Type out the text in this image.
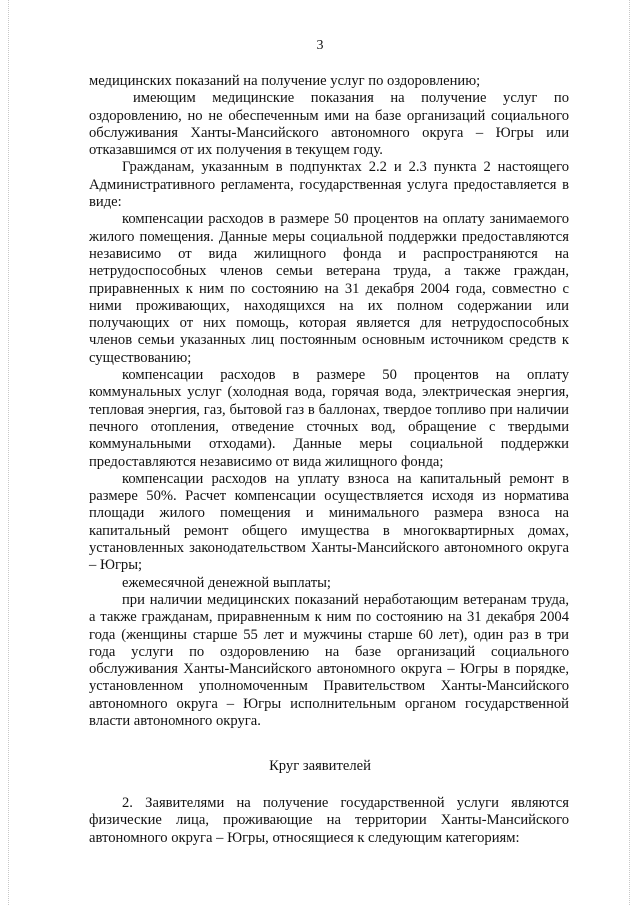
3

медицинских показаний на получение услуг по оздоровлению;

имеющим медицинские показания на получение услуг по оздоровлению, но не обеспеченным ими на базе организаций социального обслуживания Ханты-Мансийского автономного округа – Югры или отказавшимся от их получения в текущем году.

Гражданам, указанным в подпунктах 2.2 и 2.3 пункта 2 настоящего Административного регламента, государственная услуга предоставляется в виде:

компенсации расходов в размере 50 процентов на оплату занимаемого жилого помещения. Данные меры социальной поддержки предоставляются независимо от вида жилищного фонда и распространяются на нетрудоспособных членов семьи ветерана труда, а также граждан, приравненных к ним по состоянию на 31 декабря 2004 года, совместно с ними проживающих, находящихся на их полном содержании или получающих от них помощь, которая является для нетрудоспособных членов семьи указанных лиц постоянным основным источником средств к существованию;

компенсации расходов в размере 50 процентов на оплату коммунальных услуг (холодная вода, горячая вода, электрическая энергия, тепловая энергия, газ, бытовой газ в баллонах, твердое топливо при наличии печного отопления, отведение сточных вод, обращение с твердыми коммунальными отходами). Данные меры социальной поддержки предоставляются независимо от вида жилищного фонда;

компенсации расходов на уплату взноса на капитальный ремонт в размере 50%. Расчет компенсации осуществляется исходя из норматива площади жилого помещения и минимального размера взноса на капитальный ремонт общего имущества в многоквартирных домах, установленных законодательством Ханты-Мансийского автономного округа – Югры;

ежемесячной денежной выплаты;

при наличии медицинских показаний неработающим ветеранам труда, а также гражданам, приравненным к ним по состоянию на 31 декабря 2004 года (женщины старше 55 лет и мужчины старше 60 лет), один раз в три года услуги по оздоровлению на базе организаций социального обслуживания Ханты-Мансийского автономного округа – Югры в порядке, установленном уполномоченным Правительством Ханты-Мансийского автономного округа – Югры исполнительным органом государственной власти автономного округа.

Круг заявителей

2. Заявителями на получение государственной услуги являются физические лица, проживающие на территории Ханты-Мансийского автономного округа – Югры, относящиеся к следующим категориям:
